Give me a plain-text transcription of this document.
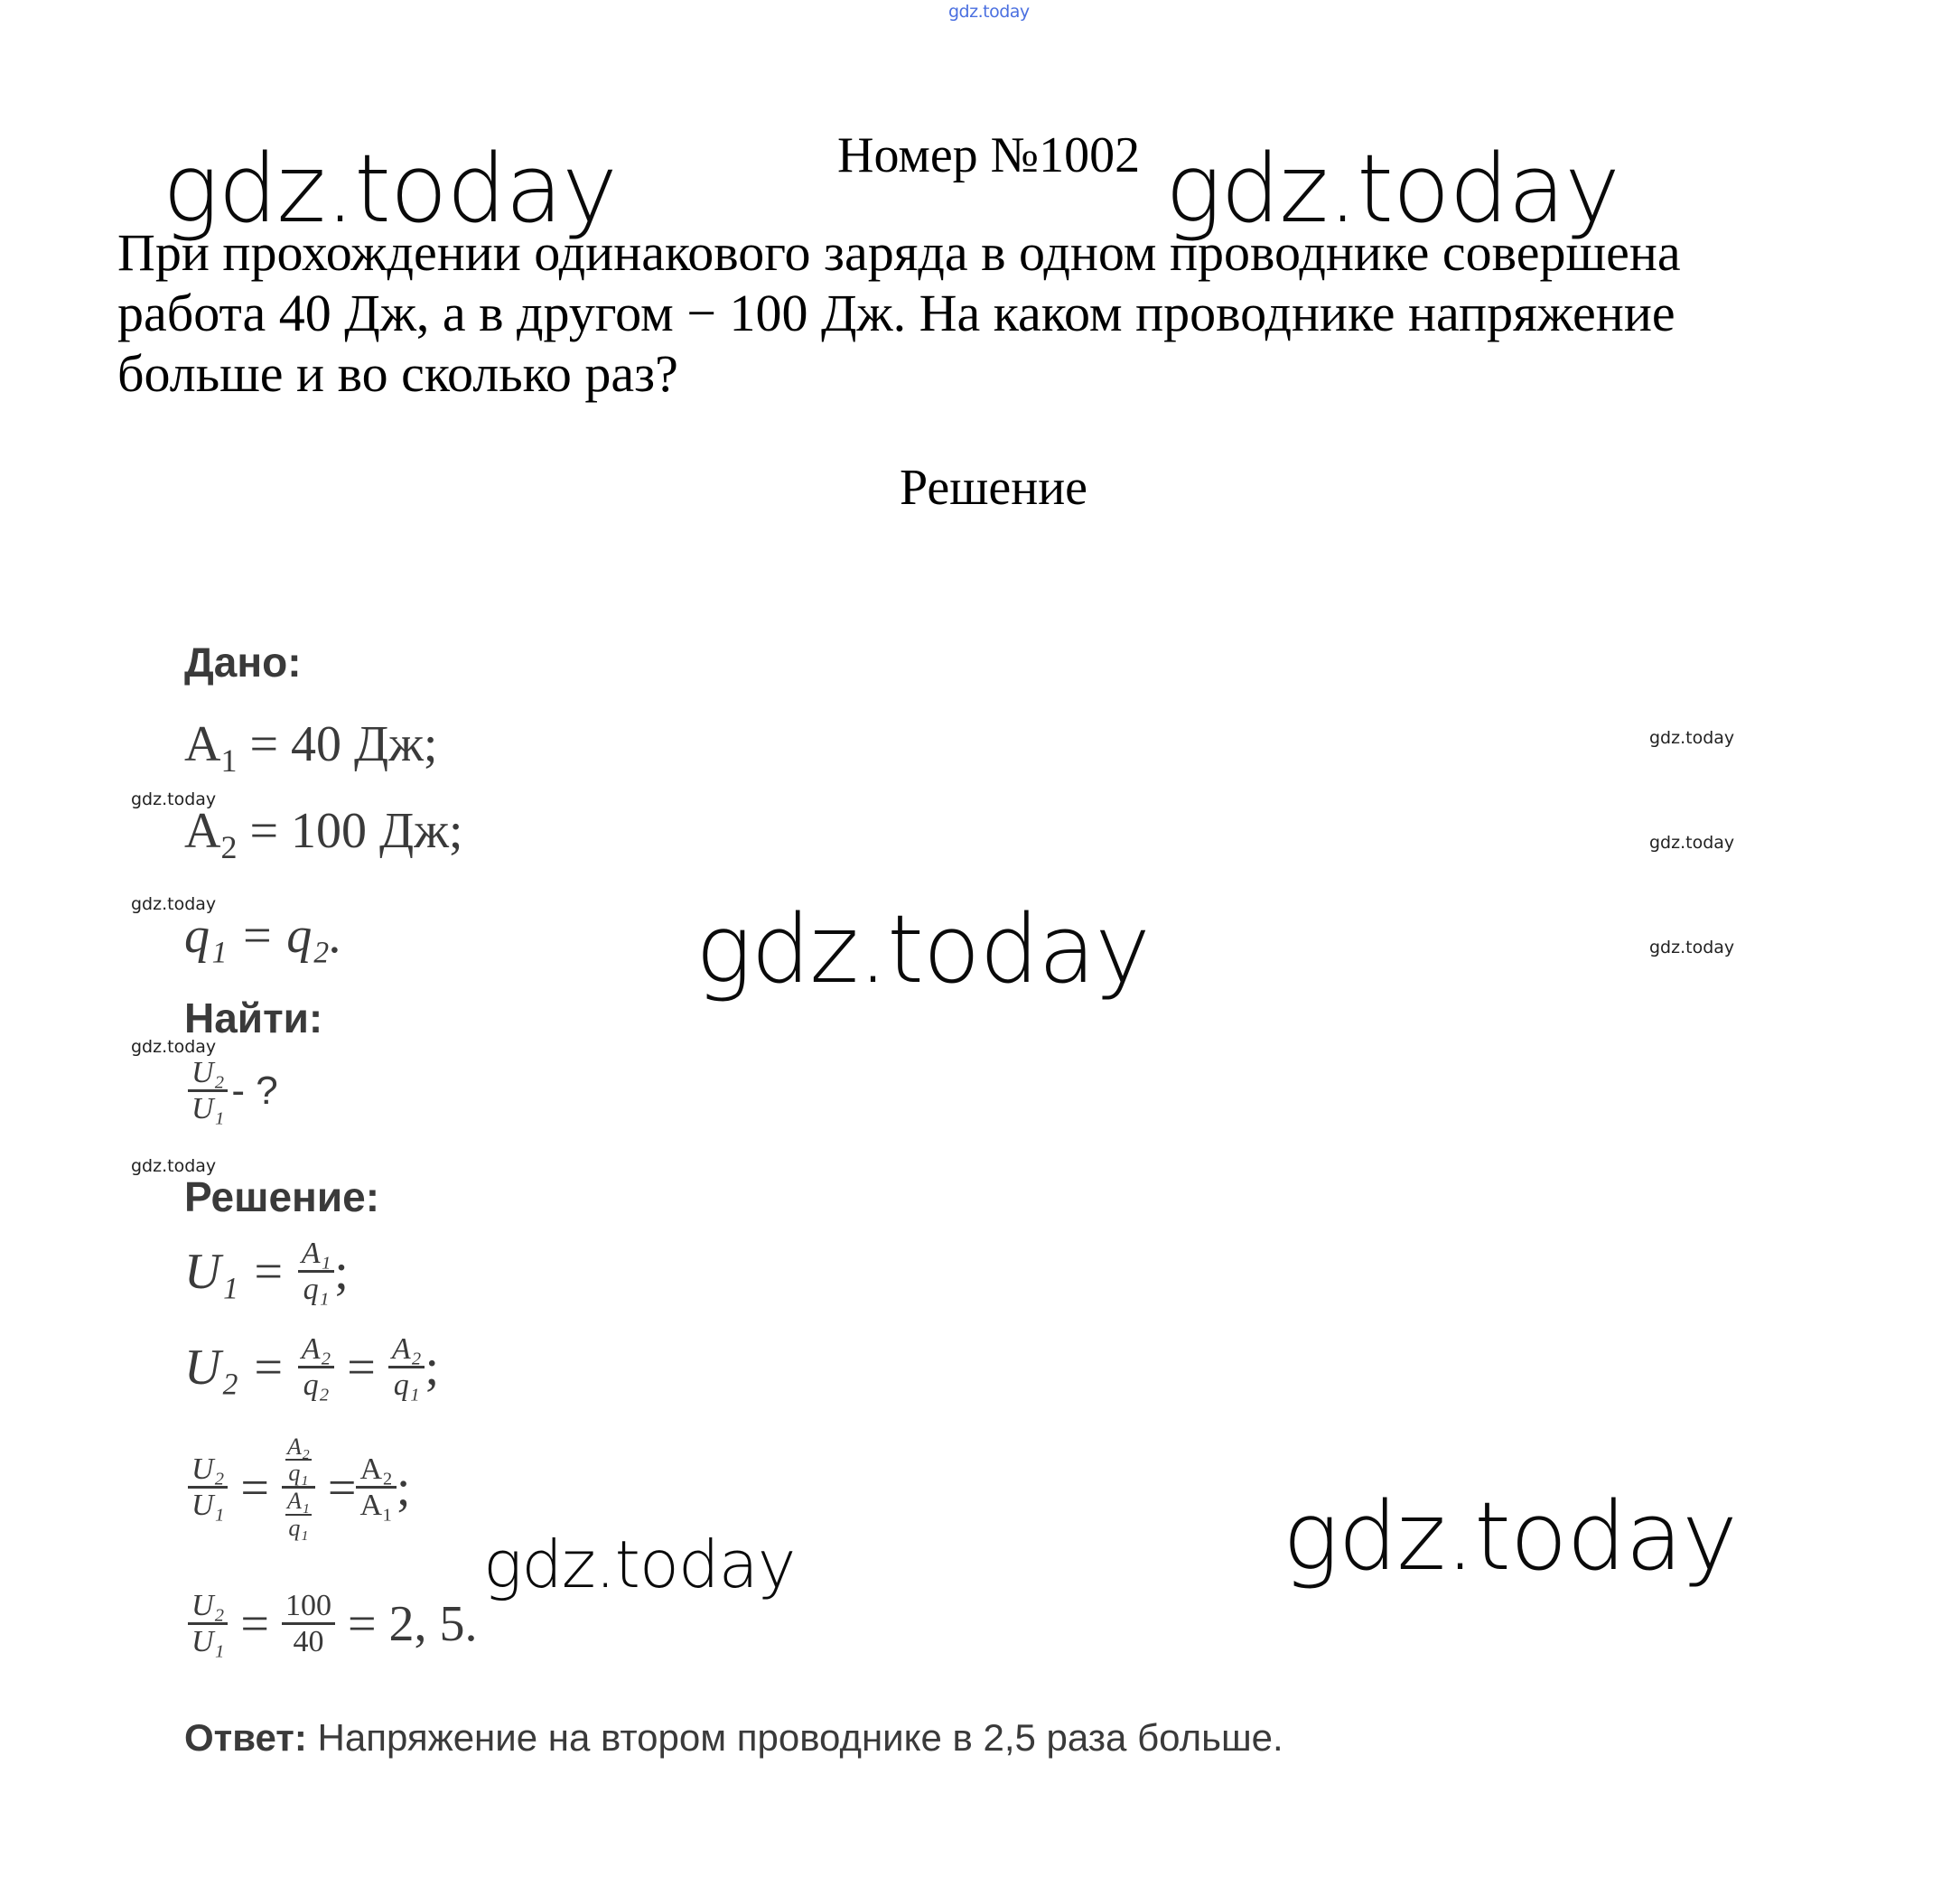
gdz.today
gdz.today	gdz.today
gdz.today
gdz.today	gdz.today
gdz.today
gdz.today
gdz.today
gdz.today
gdz.today
gdz.today
gdz.today
Номер №1002
При прохождении одинакового заряда в одном проводнике совершена работа 40 Дж, а в другом − 100 Дж. На каком проводнике напряжение больше и во сколько раз?
Решение
Дано:
$A_1 = 40$ Дж;
$A_2 = 100$ Дж;
q₁ = q₂.
Найти:
$\frac{\text{U₂}}{\text{U₁}}$ - ?
Решение:
$U_1 = \frac{\text{A₁}}{\text{q₁}}$ ;
$U_2 = \frac{\text{A₂}}{\text{q₂}} = \frac{\text{A₂}}{\text{q₁}}$ ;
$\frac{\text{U₂}}{\text{U₁}} = A_2$
q₁
A₁
$q_1 = \frac{\text{A₂}}{\text{A₁}}$ ;
$\frac{\text{U₂}}{\text{U₁}} = \frac{100}{40} = 2$, 5.
Ответ: Напряжение на втором проводнике в 2,5 раза больше.
